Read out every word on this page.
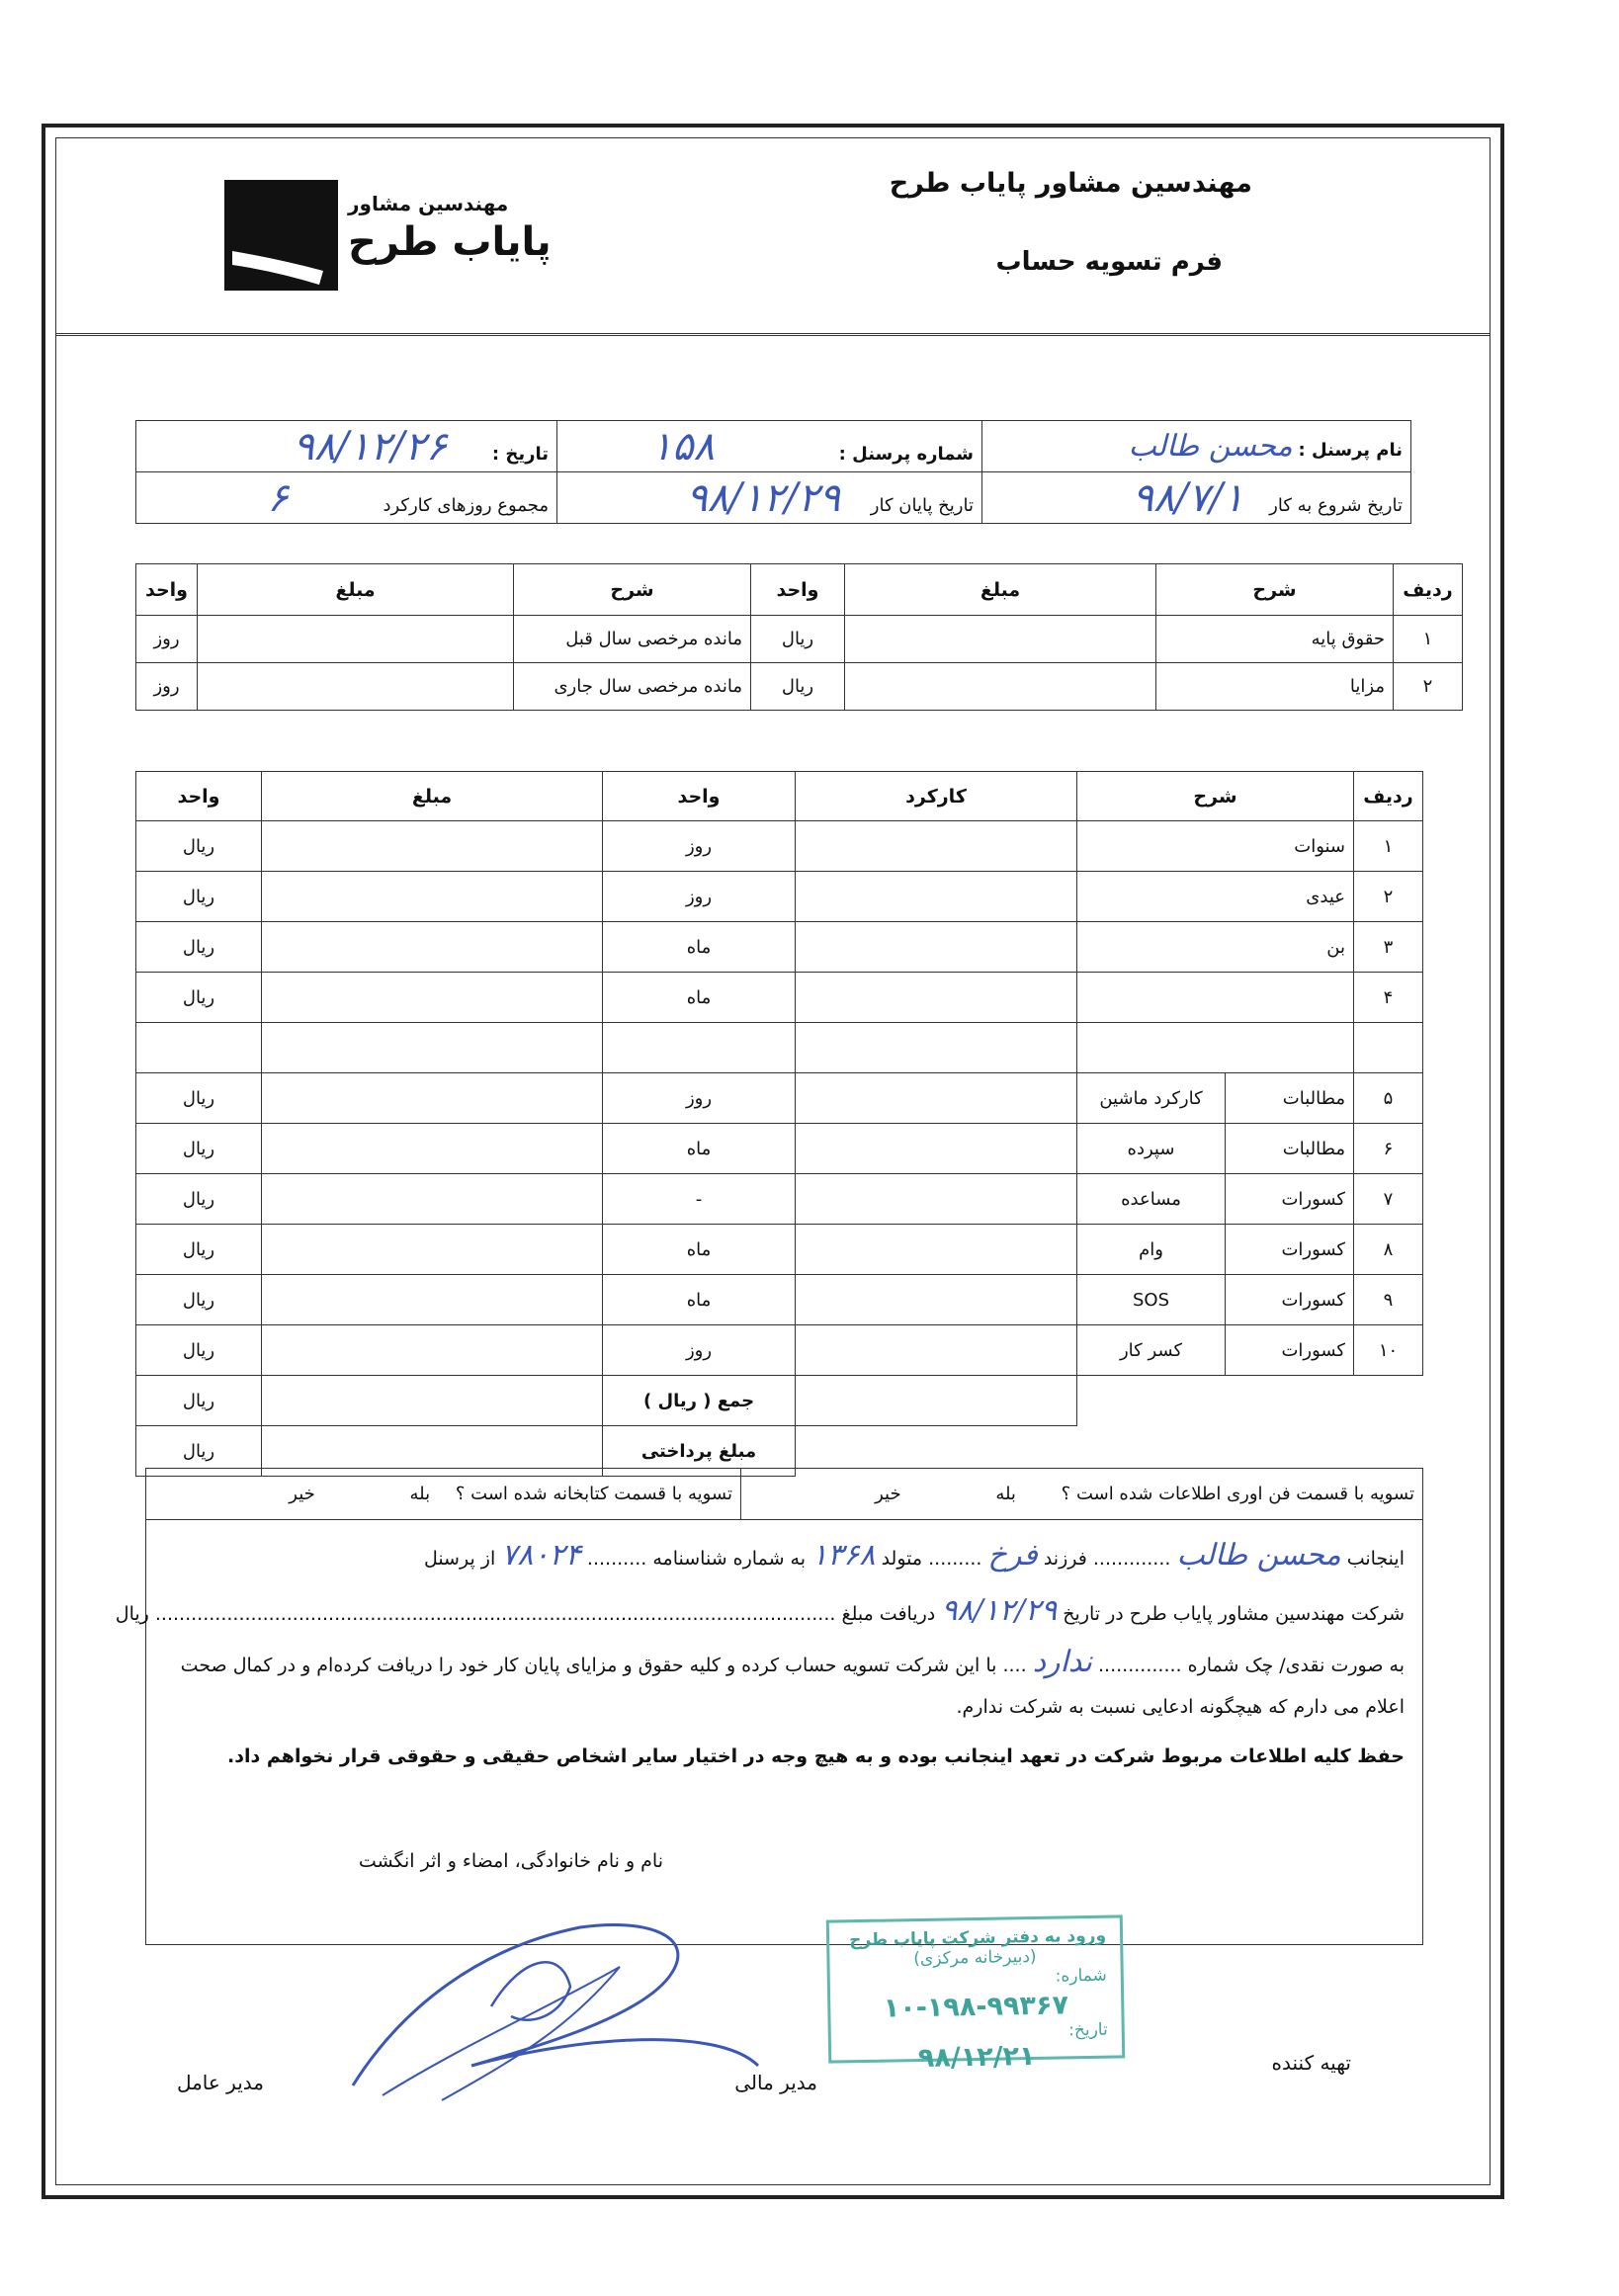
مهندسین مشاور پایاب طرح
فرم تسویه حساب
مهندسین مشاور
پایاب طرح
نام پرسنل : محسن طالب	شماره پرسنل : ۱۵۸	تاریخ : ۹۸/۱۲/۲۶
تاریخ شروع به کار ۹۸/۷/۱	تاریخ پایان کار ۹۸/۱۲/۲۹	مجموع روزهای کارکرد ۶
ردیف	شرح	مبلغ	واحد	شرح	مبلغ	واحد
۱	حقوق پایه		ریال	مانده مرخصی سال قبل		روز
۲	مزایا		ریال	مانده مرخصی سال جاری		روز
ردیف	شرح		کارکرد	واحد	مبلغ	واحد
۱	سنوات			روز		ریال
۲	عیدی			روز		ریال
۳	بن			ماه		ریال
۴				ماه		ریال

۵	مطالبات	کارکرد ماشین		روز		ریال
۶	مطالبات	سپرده		ماه		ریال
۷	کسورات	مساعده		-		ریال
۸	کسورات	وام		ماه		ریال
۹	کسورات	SOS		ماه		ریال
۱۰	کسورات	کسر کار		روز		ریال
				جمع ( ریال )		ریال
				مبلغ پرداختی		ریال
تسویه با قسمت فن اوری اطلاعات شده است ؟ بله خیر	تسویه با قسمت کتابخانه شده است ؟ بله خیر

اینجانب محسن طالب ............. فرزند فرخ ......... متولد ۱۳۶۸ به شماره شناسنامه .......... ۷۸۰۲۴ از پرسنل
شرکت مهندسین مشاور پایاب طرح در تاریخ ۹۸/۱۲/۲۹ دریافت مبلغ .................................................................................................................. ریال
به صورت نقدی/ چک شماره .............. ندارد .... با این شرکت تسویه حساب کرده و کلیه حقوق و مزایای پایان کار خود را دریافت کرده‌ام و در کمال صحت
اعلام می دارم که هیچگونه ادعایی نسبت به شرکت ندارم.
حفظ کلیه اطلاعات مربوط شرکت در تعهد اینجانب بوده و به هیچ وجه در اختیار سایر اشخاص حقیقی و حقوقی قرار نخواهم داد.
نام و نام خانوادگی، امضاء و اثر انگشت
ورود به دفتر شرکت پایاب طرح
(دبیرخانه مرکزی)
شماره:
۱۰-۱۹۸-۹۹۳۶۷
تاریخ:
۹۸/۱۲/۲۱	تهیه کننده
مدیر مالی
مدیر عامل
